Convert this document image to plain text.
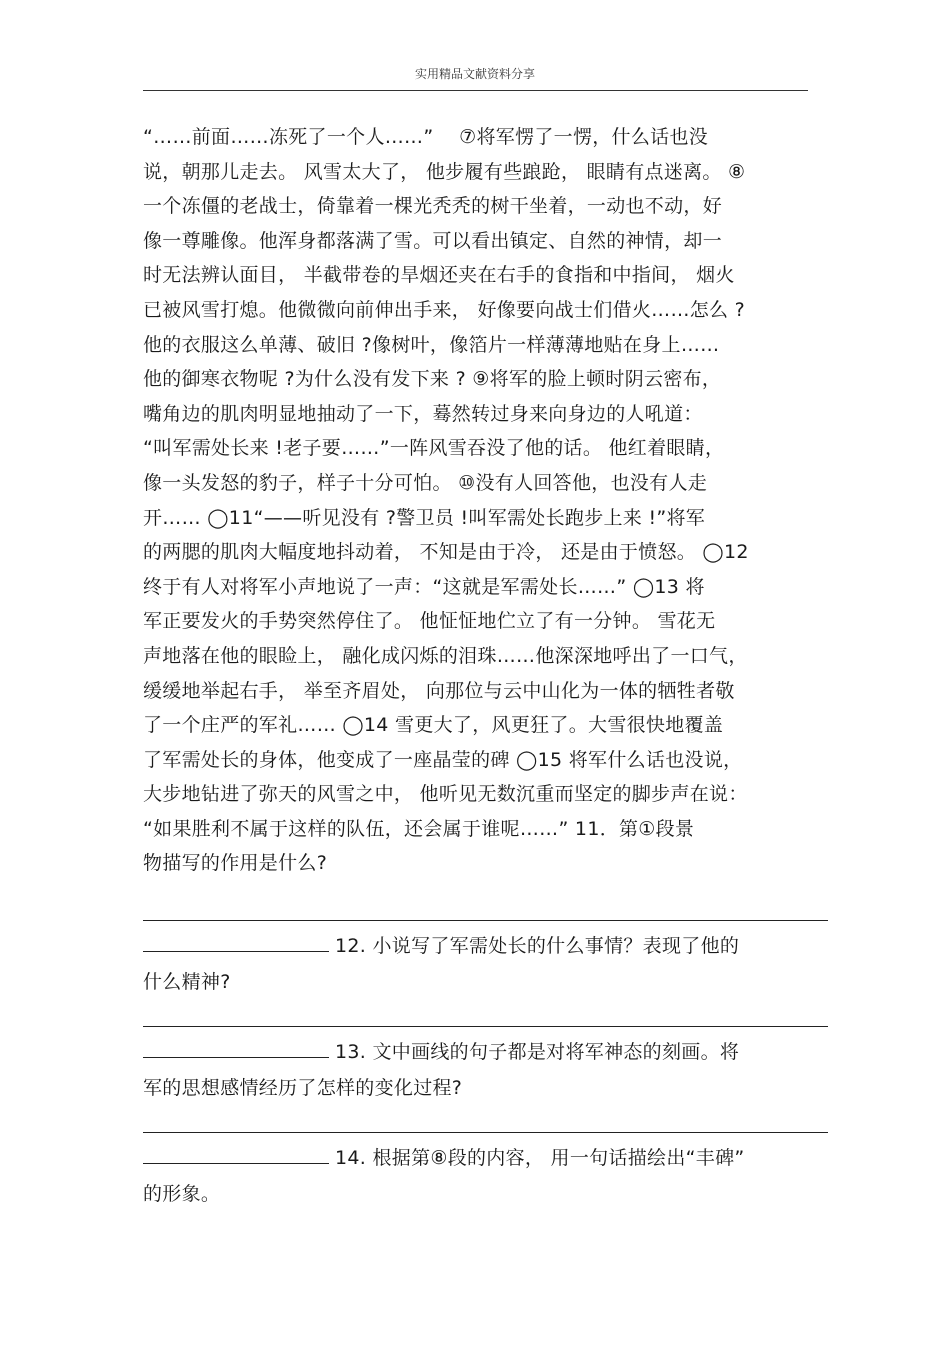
实用精品文献资料分享
“……前面……冻死了一个人……”　 ⑦将军愣了一愣，什么话也没
说，朝那儿走去。 风雪太大了， 他步履有些踉跄， 眼睛有点迷离。 ⑧
一个冻僵的老战士，倚靠着一棵光秃秃的树干坐着，一动也不动，好
像一尊雕像。他浑身都落满了雪。可以看出镇定、自然的神情，却一
时无法辨认面目， 半截带卷的旱烟还夹在右手的食指和中指间， 烟火
已被风雪打熄。他微微向前伸出手来， 好像要向战士们借火……怎么 ?
他的衣服这么单薄、破旧 ?像树叶，像箔片一样薄薄地贴在身上……
他的御寒衣物呢 ?为什么没有发下来 ? ⑨将军的脸上顿时阴云密布，
嘴角边的肌肉明显地抽动了一下，蓦然转过身来向身边的人吼道：
“叫军需处长来 !老子要……”一阵风雪吞没了他的话。 他红着眼睛，
像一头发怒的豹子，样子十分可怕。 ⑩没有人回答他，也没有人走
开…… ◯11“——听见没有 ?警卫员 !叫军需处长跑步上来 !”将军
的两腮的肌肉大幅度地抖动着， 不知是由于冷， 还是由于愤怒。 ◯12
终于有人对将军小声地说了一声：“这就是军需处长……” ◯13 将
军正要发火的手势突然停住了。 他怔怔地伫立了有一分钟。 雪花无
声地落在他的眼睑上， 融化成闪烁的泪珠……他深深地呼出了一口气，
缓缓地举起右手， 举至齐眉处， 向那位与云中山化为一体的牺牲者敬
了一个庄严的军礼…… ◯14 雪更大了，风更狂了。大雪很快地覆盖
了军需处长的身体，他变成了一座晶莹的碑 ◯15 将军什么话也没说，
大步地钻进了弥天的风雪之中， 他听见无数沉重而坚定的脚步声在说：
“如果胜利不属于这样的队伍，还会属于谁呢……” 11．第①段景
物描写的作用是什么?
12. 小说写了军需处长的什么事情？表现了他的
什么精神?
13. 文中画线的句子都是对将军神态的刻画。将
军的思想感情经历了怎样的变化过程?
14. 根据第⑧段的内容， 用一句话描绘出“丰碑”
的形象。
